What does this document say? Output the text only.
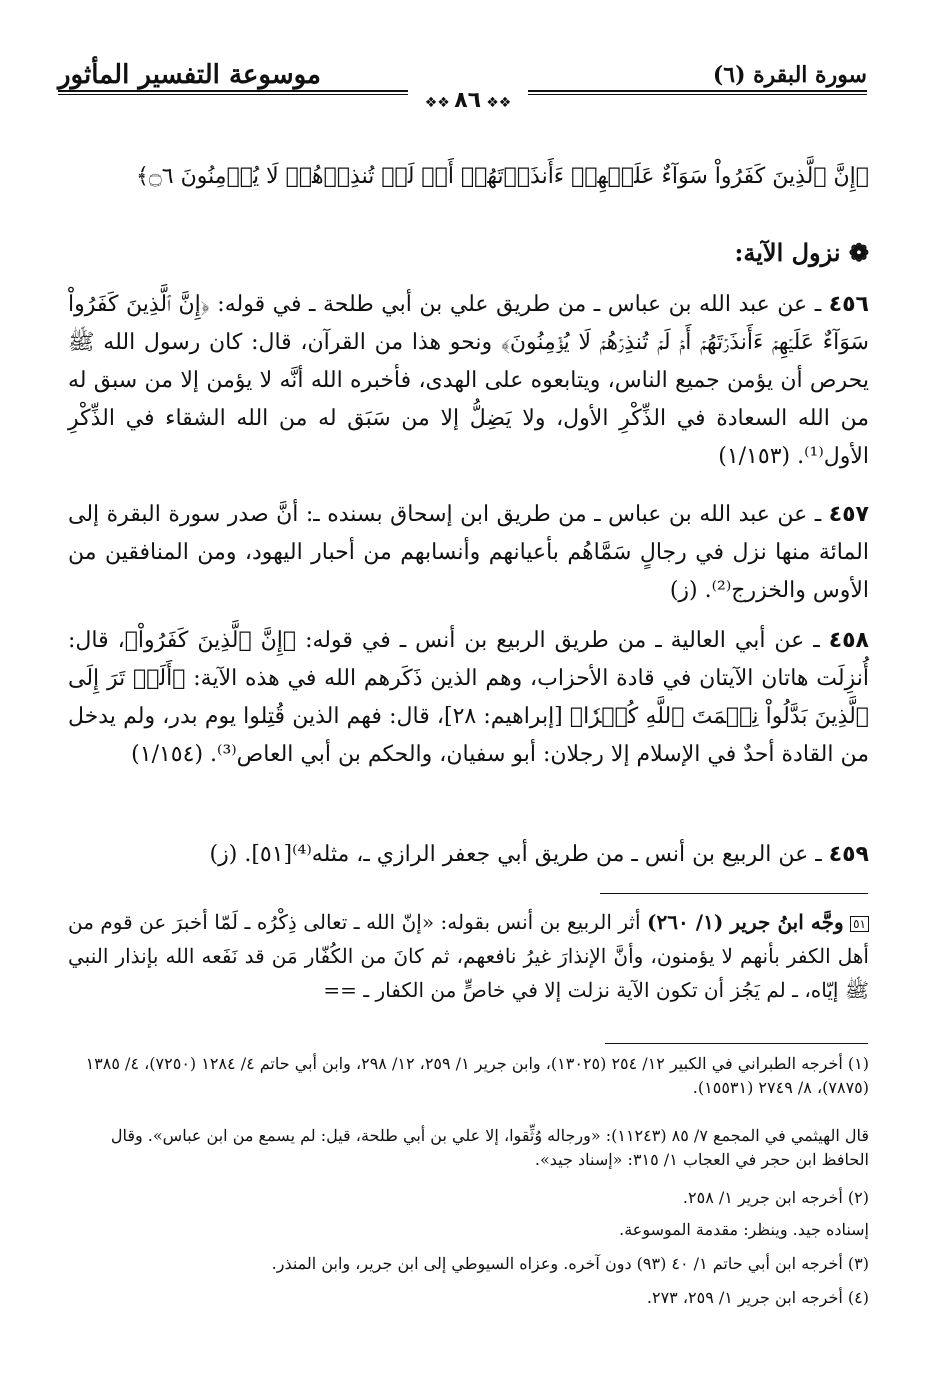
موسوعة التفسير المأثور	سورة البقرة (٦)
❖❖ ٨٦ ❖❖
﴿إِنَّ ٱلَّذِينَ كَفَرُواْ سَوَآءٌ عَلَيۡهِمۡ ءَأَنذَرۡتَهُمۡ أَمۡ لَمۡ تُنذِرۡهُمۡ لَا يُؤۡمِنُونَ ۝٦﴾
❁ نزول الآية:
٤٥٦ ـ عن عبد الله بن عباس ـ من طريق علي بن أبي طلحة ـ في قوله: ﴿إِنَّ ٱلَّذِينَ كَفَرُواْ سَوَآءٌ عَلَيۡهِمۡ ءَأَنذَرۡتَهُمۡ أَمۡ لَمۡ تُنذِرۡهُمۡ لَا يُؤۡمِنُونَ﴾ ونحو هذا من القرآن، قال: كان رسول الله ﷺ يحرص أن يؤمن جميع الناس، ويتابعوه على الهدى، فأخبره الله أنَّه لا يؤمن إلا من سبق له من الله السعادة في الذِّكْرِ الأول، ولا يَضِلُّ إلا من سَبَق له من الله الشقاء في الذِّكْرِ الأول⁽¹⁾. (١/١٥٣)
٤٥٧ ـ عن عبد الله بن عباس ـ من طريق ابن إسحاق بسنده ـ: أنَّ صدر سورة البقرة إلى المائة منها نزل في رجالٍ سَمَّاهُم بأعيانهم وأنسابهم من أحبار اليهود، ومن المنافقين من الأوس والخزرج⁽²⁾. (ز)
٤٥٨ ـ عن أبي العالية ـ من طريق الربيع بن أنس ـ في قوله: ﴿إِنَّ ٱلَّذِينَ كَفَرُواْ﴾، قال: أُنزِلَت هاتان الآيتان في قادة الأحزاب، وهم الذين ذَكَرهم الله في هذه الآية: ﴿أَلَمۡ تَرَ إِلَى ٱلَّذِينَ بَدَّلُواْ نِعۡمَتَ ٱللَّهِ كُفۡرٗا﴾ [إبراهيم: ٢٨]، قال: فهم الذين قُتِلوا يوم بدر، ولم يدخل من القادة أحدٌ في الإسلام إلا رجلان: أبو سفيان، والحكم بن أبي العاص⁽³⁾. (١/١٥٤)
٤٥٩ ـ عن الربيع بن أنس ـ من طريق أبي جعفر الرازي ـ، مثله⁽⁴⁾[٥١]. (ز)
٥١ وجَّه ابنُ جرير (١/ ٢٦٠) أثر الربيع بن أنس بقوله: «إنّ الله ـ تعالى ذِكْرُه ـ لَمّا أخبرَ عن قوم من أهل الكفر بأنهم لا يؤمنون، وأنَّ الإنذارَ غيرُ نافعهم، ثم كانَ من الكُفّار مَن قد نَفَعه الله بإنذار النبي ﷺ إيّاه، ـ لم يَجُز أن تكون الآية نزلت إلا في خاصٍّ من الكفار ـ ==
(١) أخرجه الطبراني في الكبير ١٢/ ٢٥٤ (١٣٠٢٥)، وابن جرير ١/ ٢٥٩، ١٢/ ٢٩٨، وابن أبي حاتم ٤/ ١٢٨٤ (٧٢٥٠)، ٤/ ١٣٨٥ (٧٨٧٥)، ٨/ ٢٧٤٩ (١٥٥٣١).
قال الهيثمي في المجمع ٧/ ٨٥ (١١٢٤٣): «ورجاله وُثِّقوا، إلا علي بن أبي طلحة، قيل: لم يسمع من ابن عباس». وقال الحافظ ابن حجر في العجاب ١/ ٣١٥: «إسناد جيد».
(٢) أخرجه ابن جرير ١/ ٢٥٨.
إسناده جيد. وينظر: مقدمة الموسوعة.
(٣) أخرجه ابن أبي حاتم ١/ ٤٠ (٩٣) دون آخره. وعزاه السيوطي إلى ابن جرير، وابن المنذر.
(٤) أخرجه ابن جرير ١/ ٢٥٩، ٢٧٣.
